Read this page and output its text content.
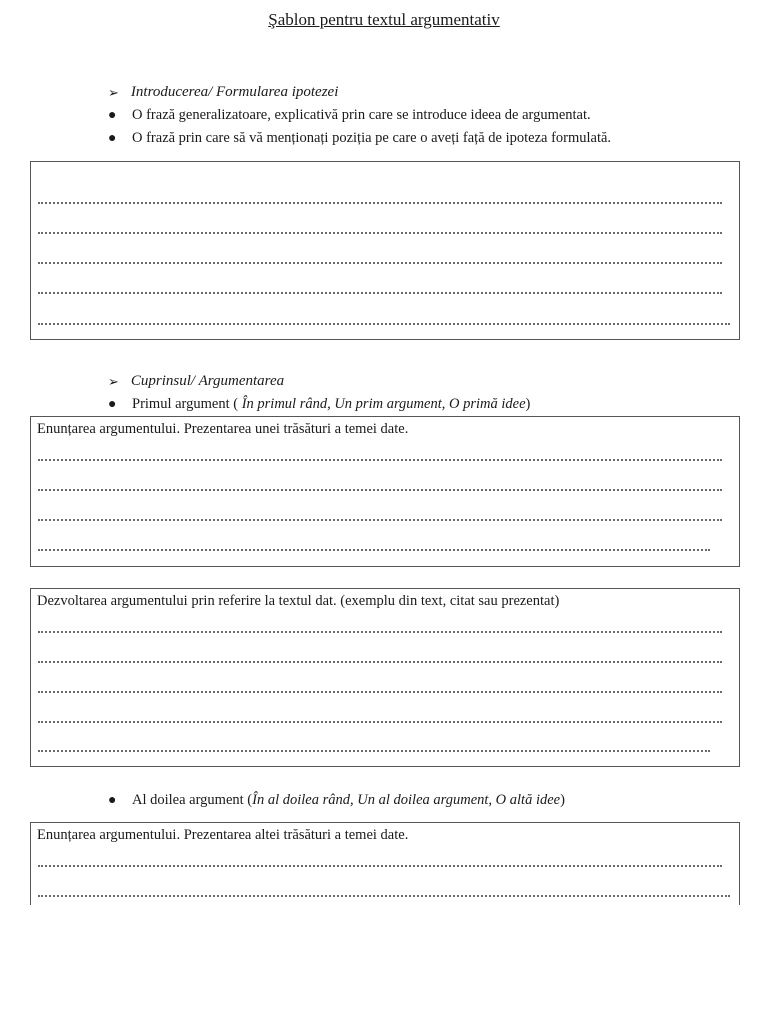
Şablon pentru textul argumentativ
➢ Introducerea/ Formularea ipotezei
●	O frază generalizatoare, explicativă prin care se introduce ideea de argumentat.
●	O frază prin care să vă menționați poziția pe care o aveți față de ipoteza formulată.
➢ Cuprinsul/ Argumentarea
●	Primul argument ( În primul rând, Un prim argument, O primă idee)
Enunțarea argumentului. Prezentarea unei trăsături a temei date.
Dezvoltarea argumentului prin referire la textul dat. (exemplu din text, citat sau prezentat)
●	Al doilea argument (În al doilea rând, Un al doilea argument, O altă idee)
Enunțarea argumentului. Prezentarea altei trăsături a temei date.
